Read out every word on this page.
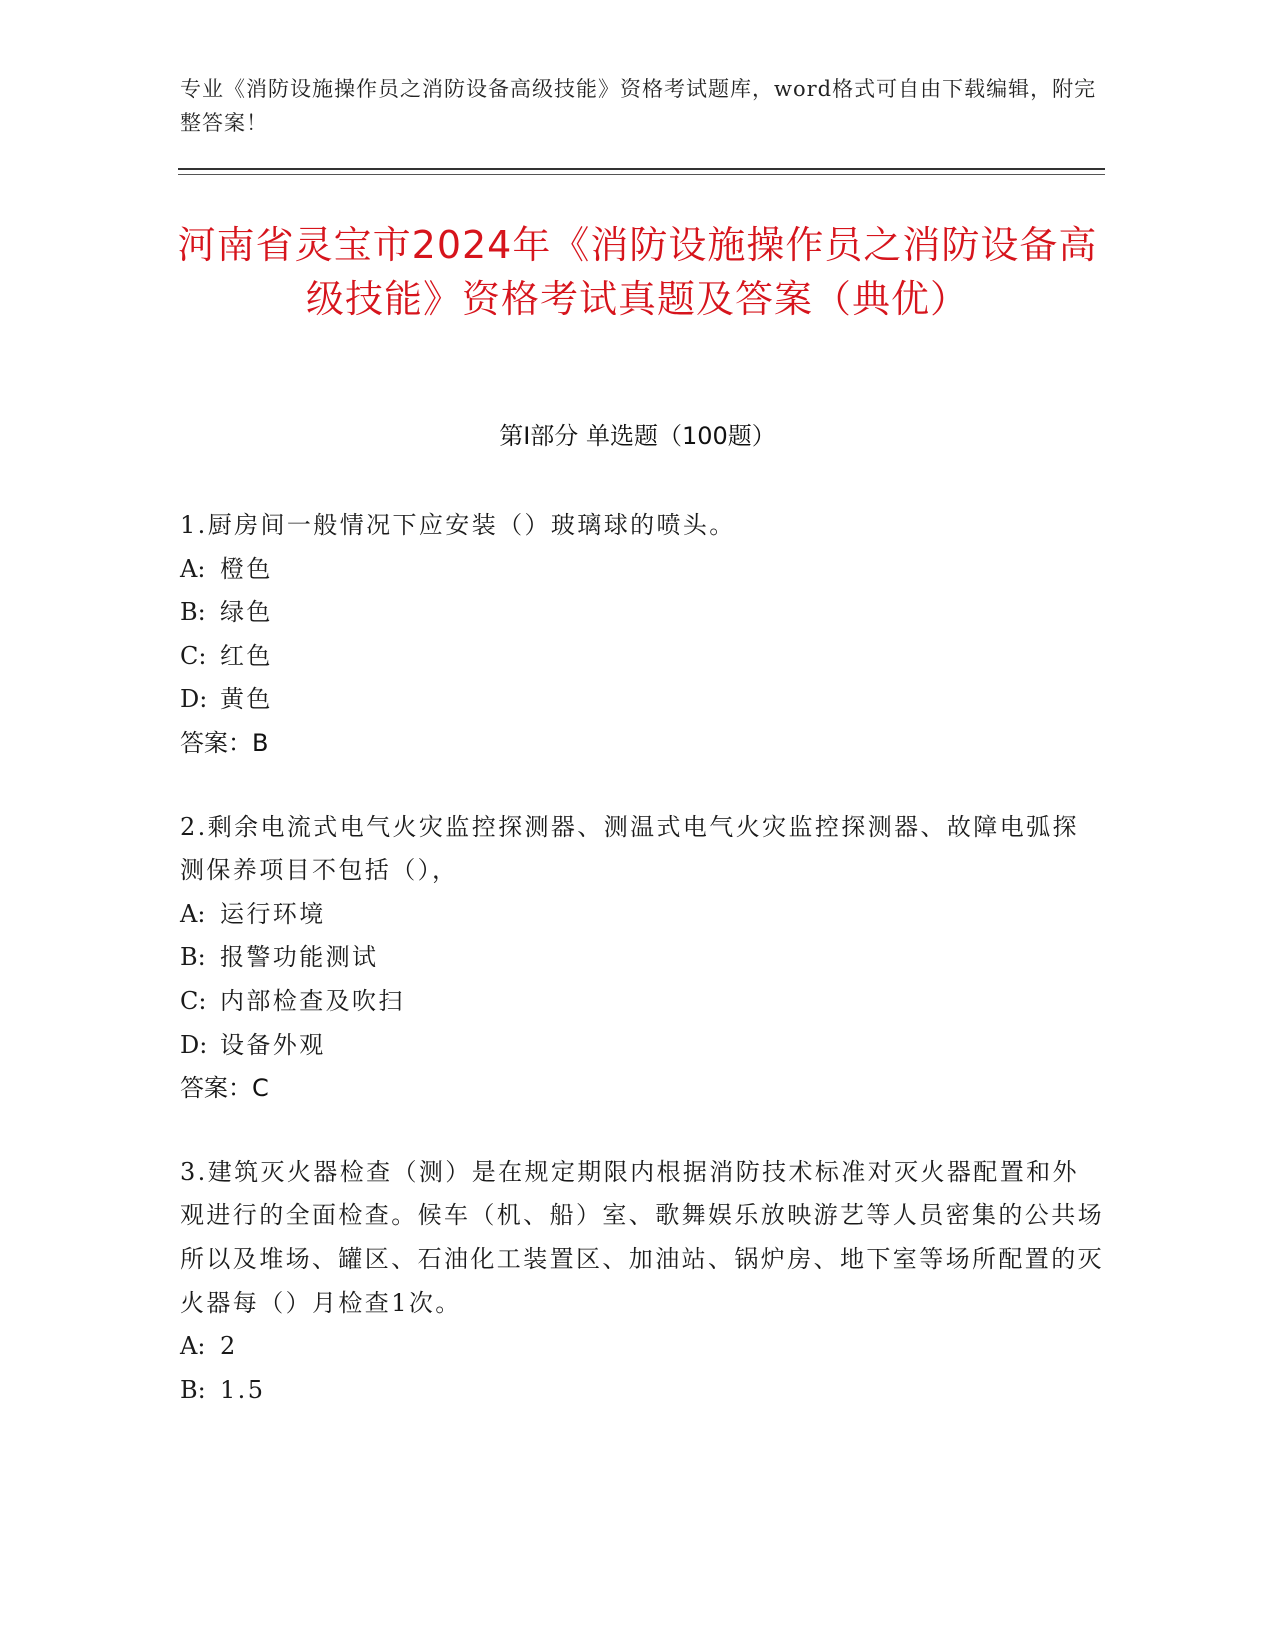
专业《消防设施操作员之消防设备高级技能》资格考试题库，word格式可自由下载编辑，附完整答案！
河南省灵宝市2024年《消防设施操作员之消防设备高级技能》资格考试真题及答案（典优）
第I部分 单选题（100题）

1.厨房间一般情况下应安装（）玻璃球的喷头。

A: 橙色

B: 绿色

C: 红色

D: 黄色

答案：B

2.剩余电流式电气火灾监控探测器、测温式电气火灾监控探测器、故障电弧探测保养项目不包括（），

A: 运行环境

B: 报警功能测试

C: 内部检查及吹扫

D: 设备外观

答案：C

3.建筑灭火器检查（测）是在规定期限内根据消防技术标准对灭火器配置和外观进行的全面检查。候车（机、船）室、歌舞娱乐放映游艺等人员密集的公共场所以及堆场、罐区、石油化工装置区、加油站、锅炉房、地下室等场所配置的灭火器每（）月检查1次。

A: 2

B: 1.5
